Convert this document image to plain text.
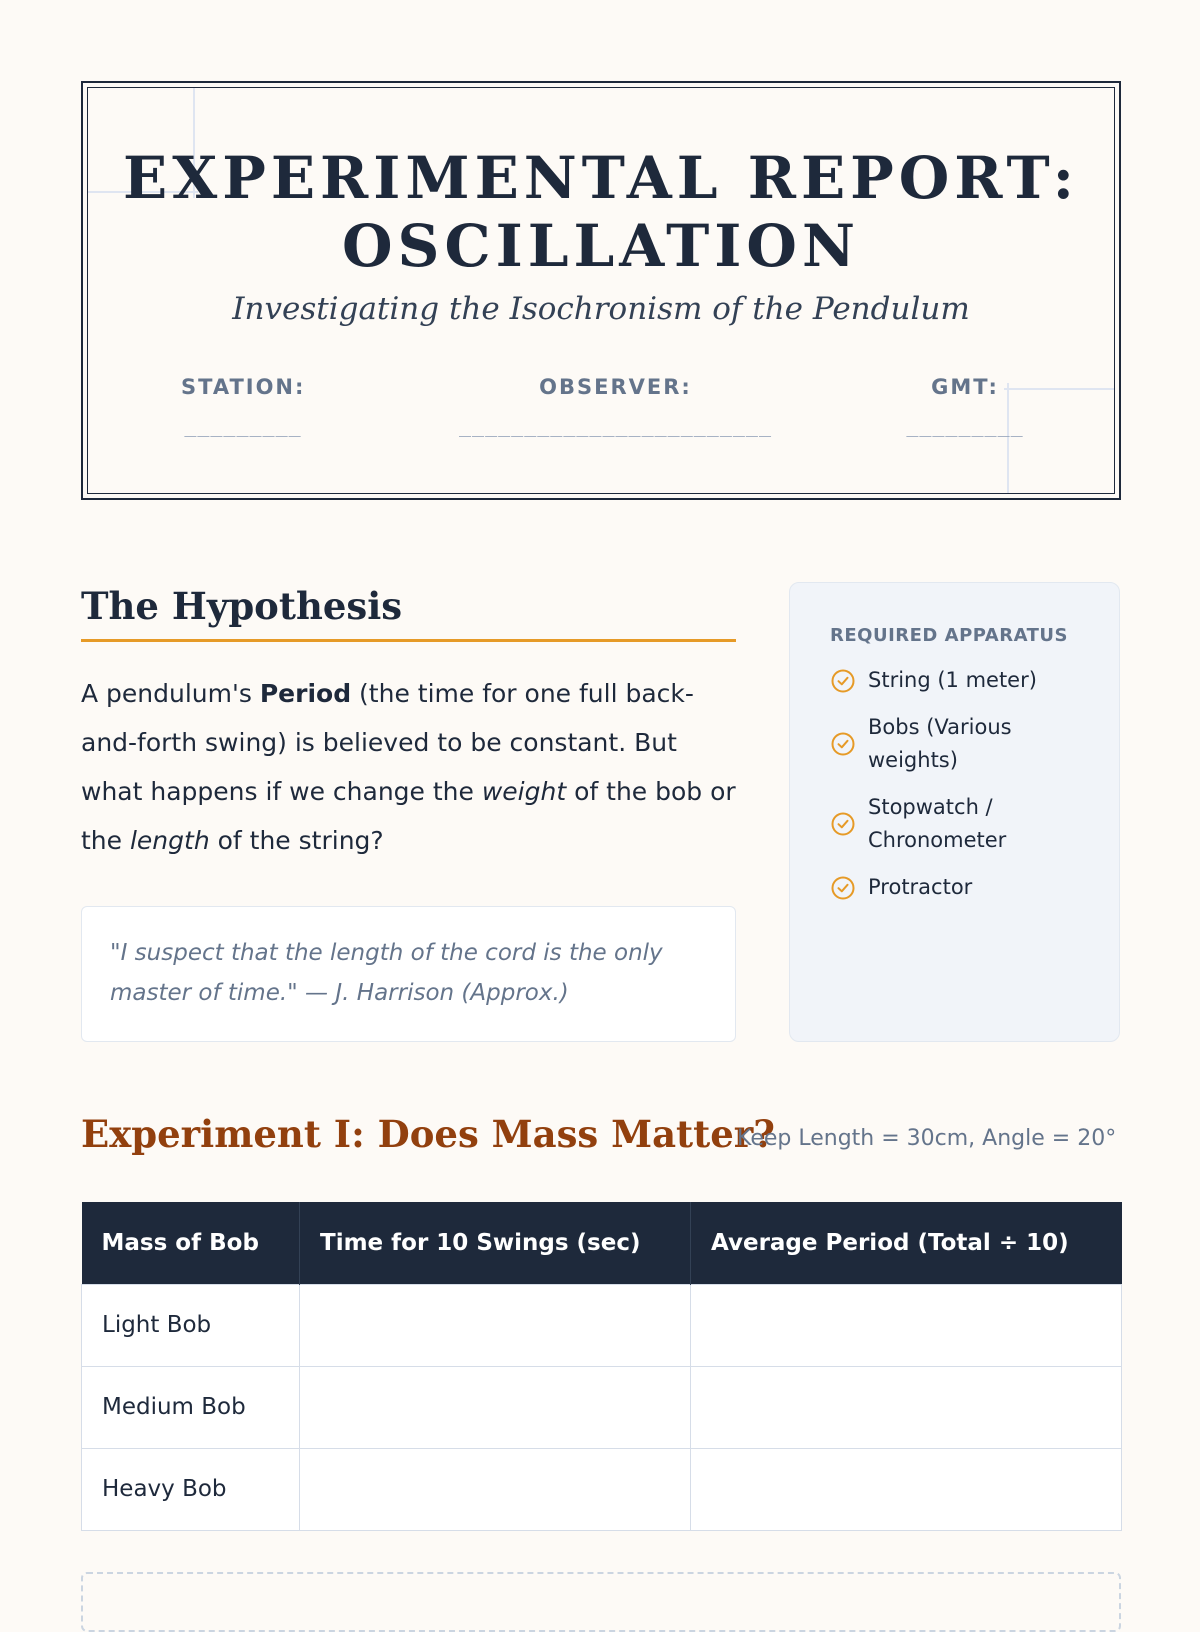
EXPERIMENTAL REPORT: OSCILLATION
Investigating the Isochronism of the Pendulum
STATION:
_________
OBSERVER:
________________________
GMT:
_________
The Hypothesis

A pendulum's Period (the time for one full back-and-forth swing) is believed to be constant. But what happens if we change the weight of the bob or the length of the string?

"I suspect that the length of the cord is the only master of time." — J. Harrison (Approx.)
REQUIRED APPARATUS
String (1 meter)
Bobs (Various weights)
Stopwatch / Chronometer
Protractor
Experiment I: Does Mass Matter?
Keep Length = 30cm, Angle = 20°
Mass of Bob	Time for 10 Swings (sec)	Average Period (Total ÷ 10)
Light Bob		
Medium Bob		
Heavy Bob		
